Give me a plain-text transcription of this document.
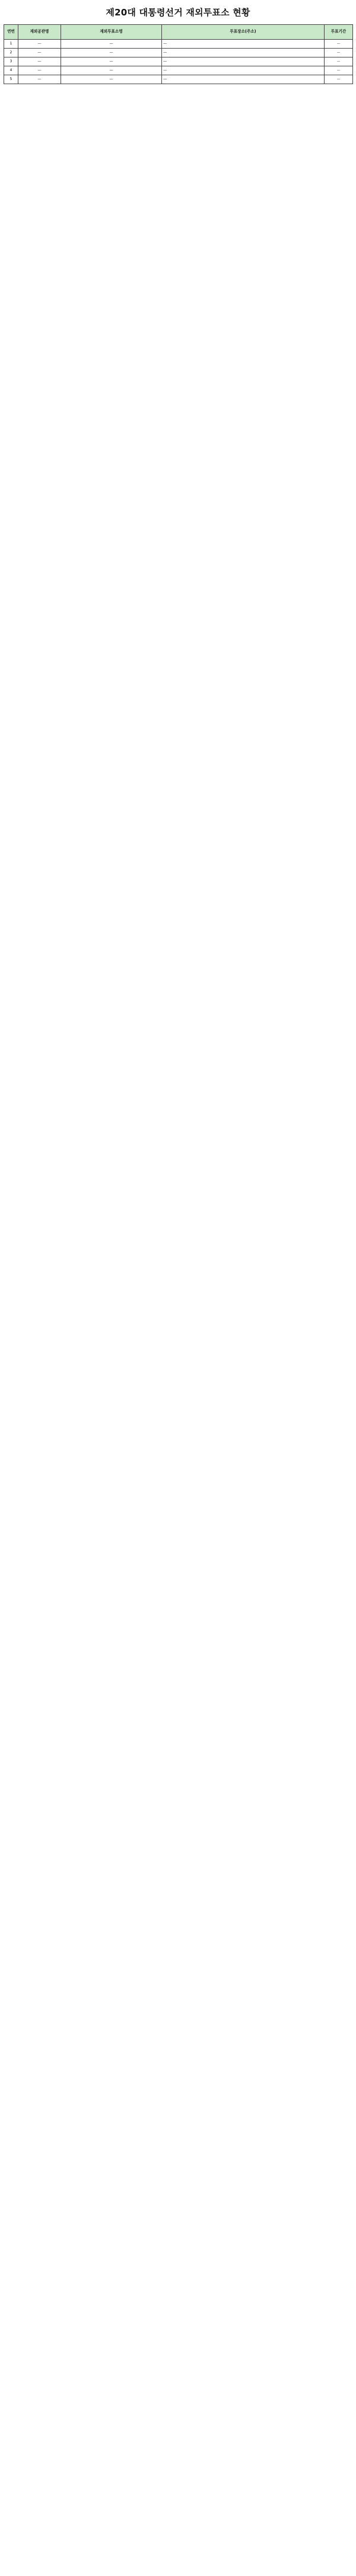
제20대 대통령선거 재외투표소 현황
연번	재외공관명	재외투표소명	투표장소(주소)	투표기간
1	—	—	—	—
2	—	—	—	—
3	—	—	—	—
4	—	—	—	—
5	—	—	—	—
